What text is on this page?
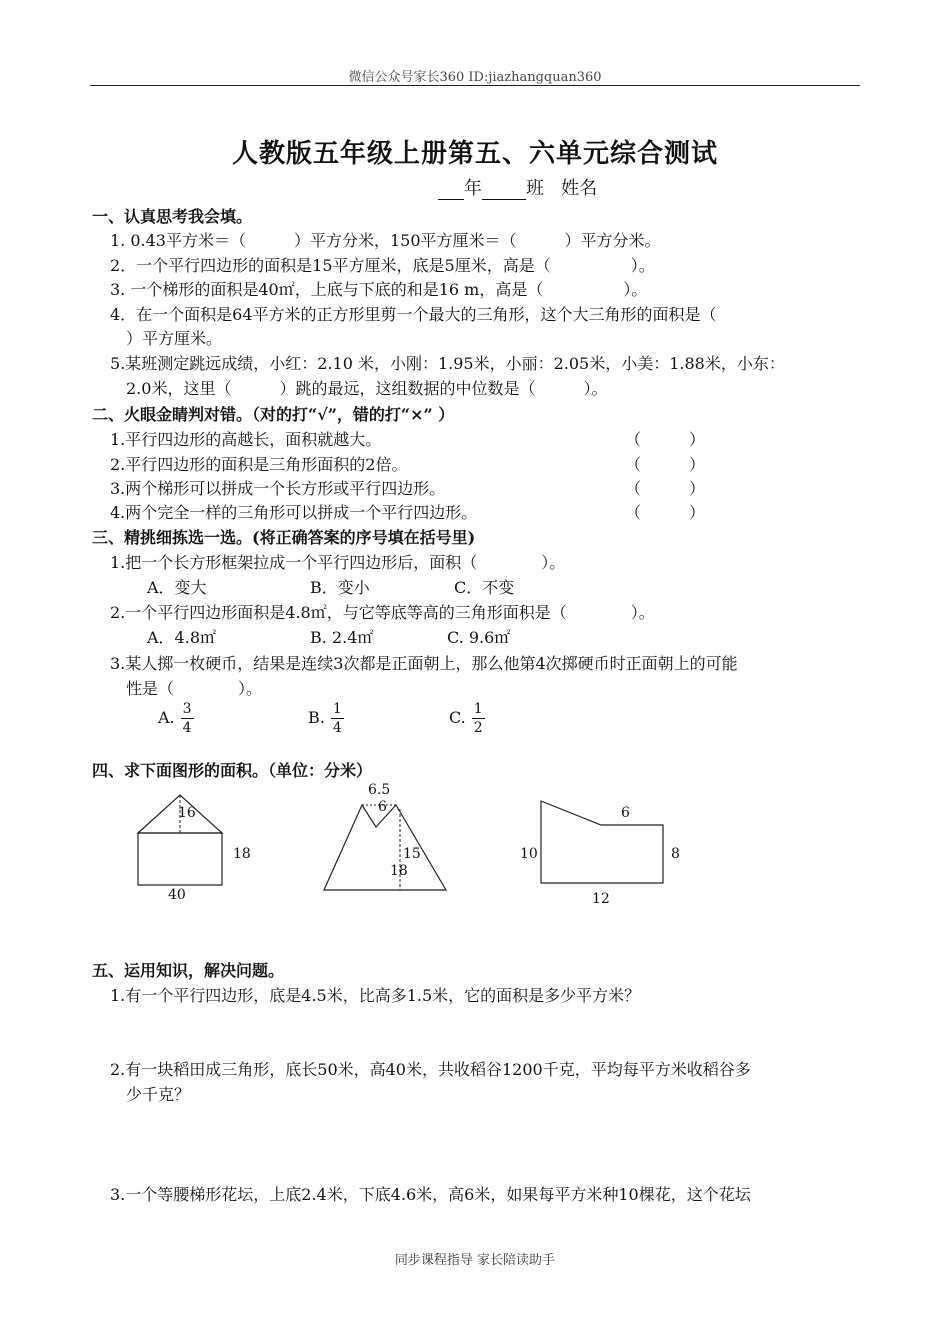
微信公众号家长360 ID:jiazhangquan360
人教版五年级上册第五、六单元综合测试
年 班 姓名
一、认真思考我会填。
1. 0.43平方米＝（　　　）平方分米，150平方厘米＝（　　　）平方分米。
2．一个平行四边形的面积是15平方厘米，底是5厘米，高是（　　　　　）。
3. 一个梯形的面积是40㎡，上底与下底的和是16 m，高是（　　　　　）。
4．在一个面积是64平方米的正方形里剪一个最大的三角形，这个大三角形的面积是（
）平方厘米。
5.某班测定跳远成绩，小红：2.10 米，小刚：1.95米，小丽：2.05米，小美：1.88米，小东：
2.0米，这里（　　　）跳的最远，这组数据的中位数是（　　　）。
二、火眼金睛判对错。（对的打“√”，错的打“×” ）
1.平行四边形的高越长，面积就越大。	（　　　）
2.平行四边形的面积是三角形面积的2倍。	（　　　）
3.两个梯形可以拼成一个长方形或平行四边形。	（　　　）
4.两个完全一样的三角形可以拼成一个平行四边形。	（　　　）
三、精挑细拣选一选。(将正确答案的序号填在括号里)
1.把一个长方形框架拉成一个平行四边形后，面积（　　　　）。
A．变大	B．变小	C．不变
2.一个平行四边形面积是4.8㎡，与它等底等高的三角形面积是（　　　　）。
A．4.8㎡	B. 2.4㎡	C. 9.6㎡
3.某人掷一枚硬币，结果是连续3次都是正面朝上，那么他第4次掷硬币时正面朝上的可能
性是（　　　　）。
A. $\frac{3}{4}$	B. $\frac{1}{4}$	C. $\frac{1}{2}$
四、求下面图形的面积。（单位：分米）
16
18
40
6.5
6
15
18
6
10	8
12
五、运用知识，解决问题。
1.有一个平行四边形，底是4.5米，比高多1.5米，它的面积是多少平方米？
2.有一块稻田成三角形，底长50米，高40米，共收稻谷1200千克，平均每平方米收稻谷多
少千克？
3.一个等腰梯形花坛，上底2.4米，下底4.6米，高6米，如果每平方米种10棵花，这个花坛
同步课程指导 家长陪读助手
